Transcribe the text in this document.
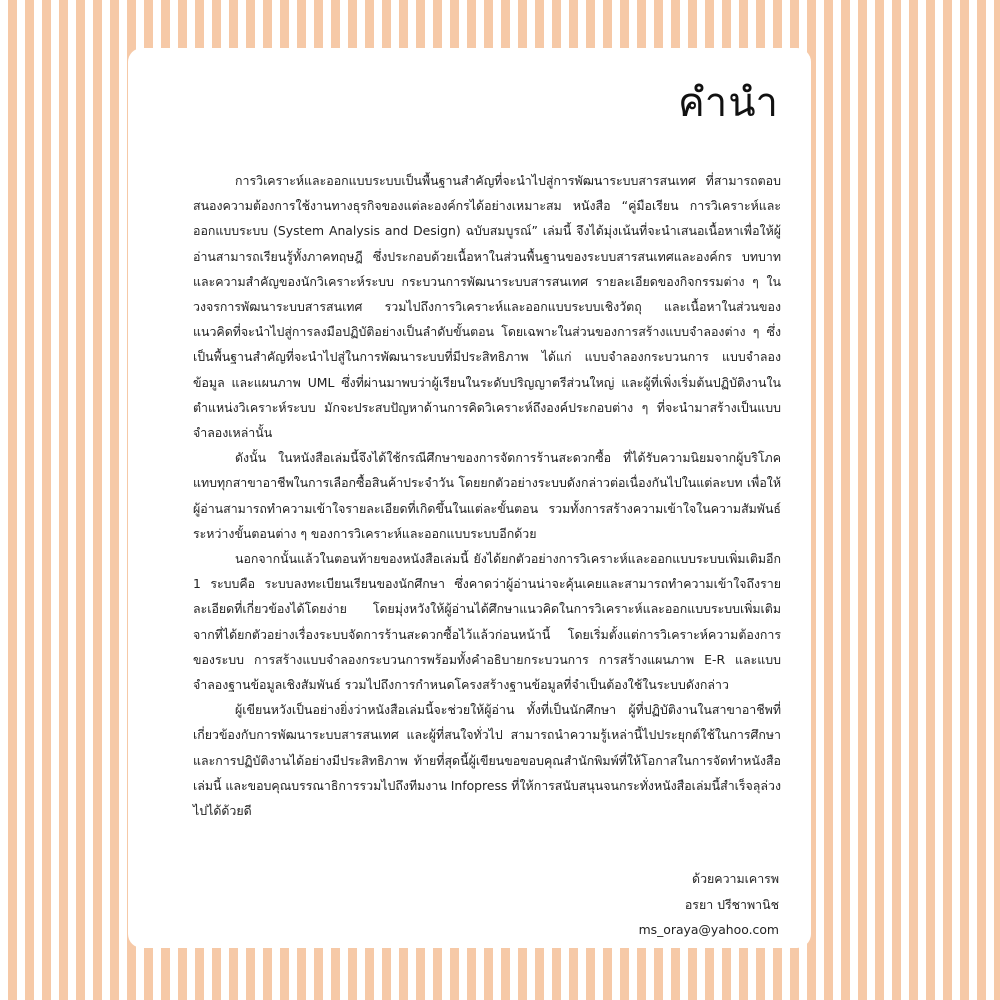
คำนำ

การวิเคราะห์และออกแบบระบบเป็นพื้นฐานสำคัญที่จะนำไปสู่การพัฒนาระบบสารสนเทศ ที่สามารถตอบสนองความต้องการใช้งานทางธุรกิจของแต่ละองค์กรได้อย่างเหมาะสม หนังสือ “คู่มือเรียน การวิเคราะห์และออกแบบระบบ (System Analysis and Design) ฉบับสมบูรณ์” เล่มนี้ จึงได้มุ่งเน้นที่จะนำเสนอเนื้อหาเพื่อให้ผู้อ่านสามารถเรียนรู้ทั้งภาคทฤษฎี ซึ่งประกอบด้วยเนื้อหาในส่วนพื้นฐานของระบบสารสนเทศและองค์กร บทบาทและความสำคัญของนักวิเคราะห์ระบบ กระบวนการพัฒนาระบบสารสนเทศ รายละเอียดของกิจกรรมต่าง ๆ ในวงจรการพัฒนาระบบสารสนเทศ รวมไปถึงการวิเคราะห์และออกแบบระบบเชิงวัตถุ และเนื้อหาในส่วนของแนวคิดที่จะนำไปสู่การลงมือปฏิบัติอย่างเป็นลำดับขั้นตอน โดยเฉพาะในส่วนของการสร้างแบบจำลองต่าง ๆ ซึ่งเป็นพื้นฐานสำคัญที่จะนำไปสู่ในการพัฒนาระบบที่มีประสิทธิภาพ ได้แก่ แบบจำลองกระบวนการ แบบจำลองข้อมูล และแผนภาพ UML ซึ่งที่ผ่านมาพบว่าผู้เรียนในระดับปริญญาตรีส่วนใหญ่ และผู้ที่เพิ่งเริ่มต้นปฏิบัติงานในตำแหน่งวิเคราะห์ระบบ มักจะประสบปัญหาด้านการคิดวิเคราะห์ถึงองค์ประกอบต่าง ๆ ที่จะนำมาสร้างเป็นแบบจำลองเหล่านั้น

ดังนั้น ในหนังสือเล่มนี้จึงได้ใช้กรณีศึกษาของการจัดการร้านสะดวกซื้อ ที่ได้รับความนิยมจากผู้บริโภคแทบทุกสาขาอาชีพในการเลือกซื้อสินค้าประจำวัน โดยยกตัวอย่างระบบดังกล่าวต่อเนื่องกันไปในแต่ละบท เพื่อให้ผู้อ่านสามารถทำความเข้าใจรายละเอียดที่เกิดขึ้นในแต่ละขั้นตอน รวมทั้งการสร้างความเข้าใจในความสัมพันธ์ระหว่างขั้นตอนต่าง ๆ ของการวิเคราะห์และออกแบบระบบอีกด้วย

นอกจากนั้นแล้วในตอนท้ายของหนังสือเล่มนี้ ยังได้ยกตัวอย่างการวิเคราะห์และออกแบบระบบเพิ่มเติมอีก 1 ระบบคือ ระบบลงทะเบียนเรียนของนักศึกษา ซึ่งคาดว่าผู้อ่านน่าจะคุ้นเคยและสามารถทำความเข้าใจถึงรายละเอียดที่เกี่ยวข้องได้โดยง่าย โดยมุ่งหวังให้ผู้อ่านได้ศึกษาแนวคิดในการวิเคราะห์และออกแบบระบบเพิ่มเติม จากที่ได้ยกตัวอย่างเรื่องระบบจัดการร้านสะดวกซื้อไว้แล้วก่อนหน้านี้ โดยเริ่มตั้งแต่การวิเคราะห์ความต้องการของระบบ การสร้างแบบจำลองกระบวนการพร้อมทั้งคำอธิบายกระบวนการ การสร้างแผนภาพ E-R และแบบจำลองฐานข้อมูลเชิงสัมพันธ์ รวมไปถึงการกำหนดโครงสร้างฐานข้อมูลที่จำเป็นต้องใช้ในระบบดังกล่าว

ผู้เขียนหวังเป็นอย่างยิ่งว่าหนังสือเล่มนี้จะช่วยให้ผู้อ่าน ทั้งที่เป็นนักศึกษา ผู้ที่ปฏิบัติงานในสาขาอาชีพที่เกี่ยวข้องกับการพัฒนาระบบสารสนเทศ และผู้ที่สนใจทั่วไป สามารถนำความรู้เหล่านี้ไปประยุกต์ใช้ในการศึกษาและการปฏิบัติงานได้อย่างมีประสิทธิภาพ ท้ายที่สุดนี้ผู้เขียนขอขอบคุณสำนักพิมพ์ที่ให้โอกาสในการจัดทำหนังสือเล่มนี้ และขอบคุณบรรณาธิการรวมไปถึงทีมงาน Infopress ที่ให้การสนับสนุนจนกระทั่งหนังสือเล่มนี้สำเร็จลุล่วงไปได้ด้วยดี

ด้วยความเคารพ
อรยา ปรีชาพานิช
ms_oraya@yahoo.com
